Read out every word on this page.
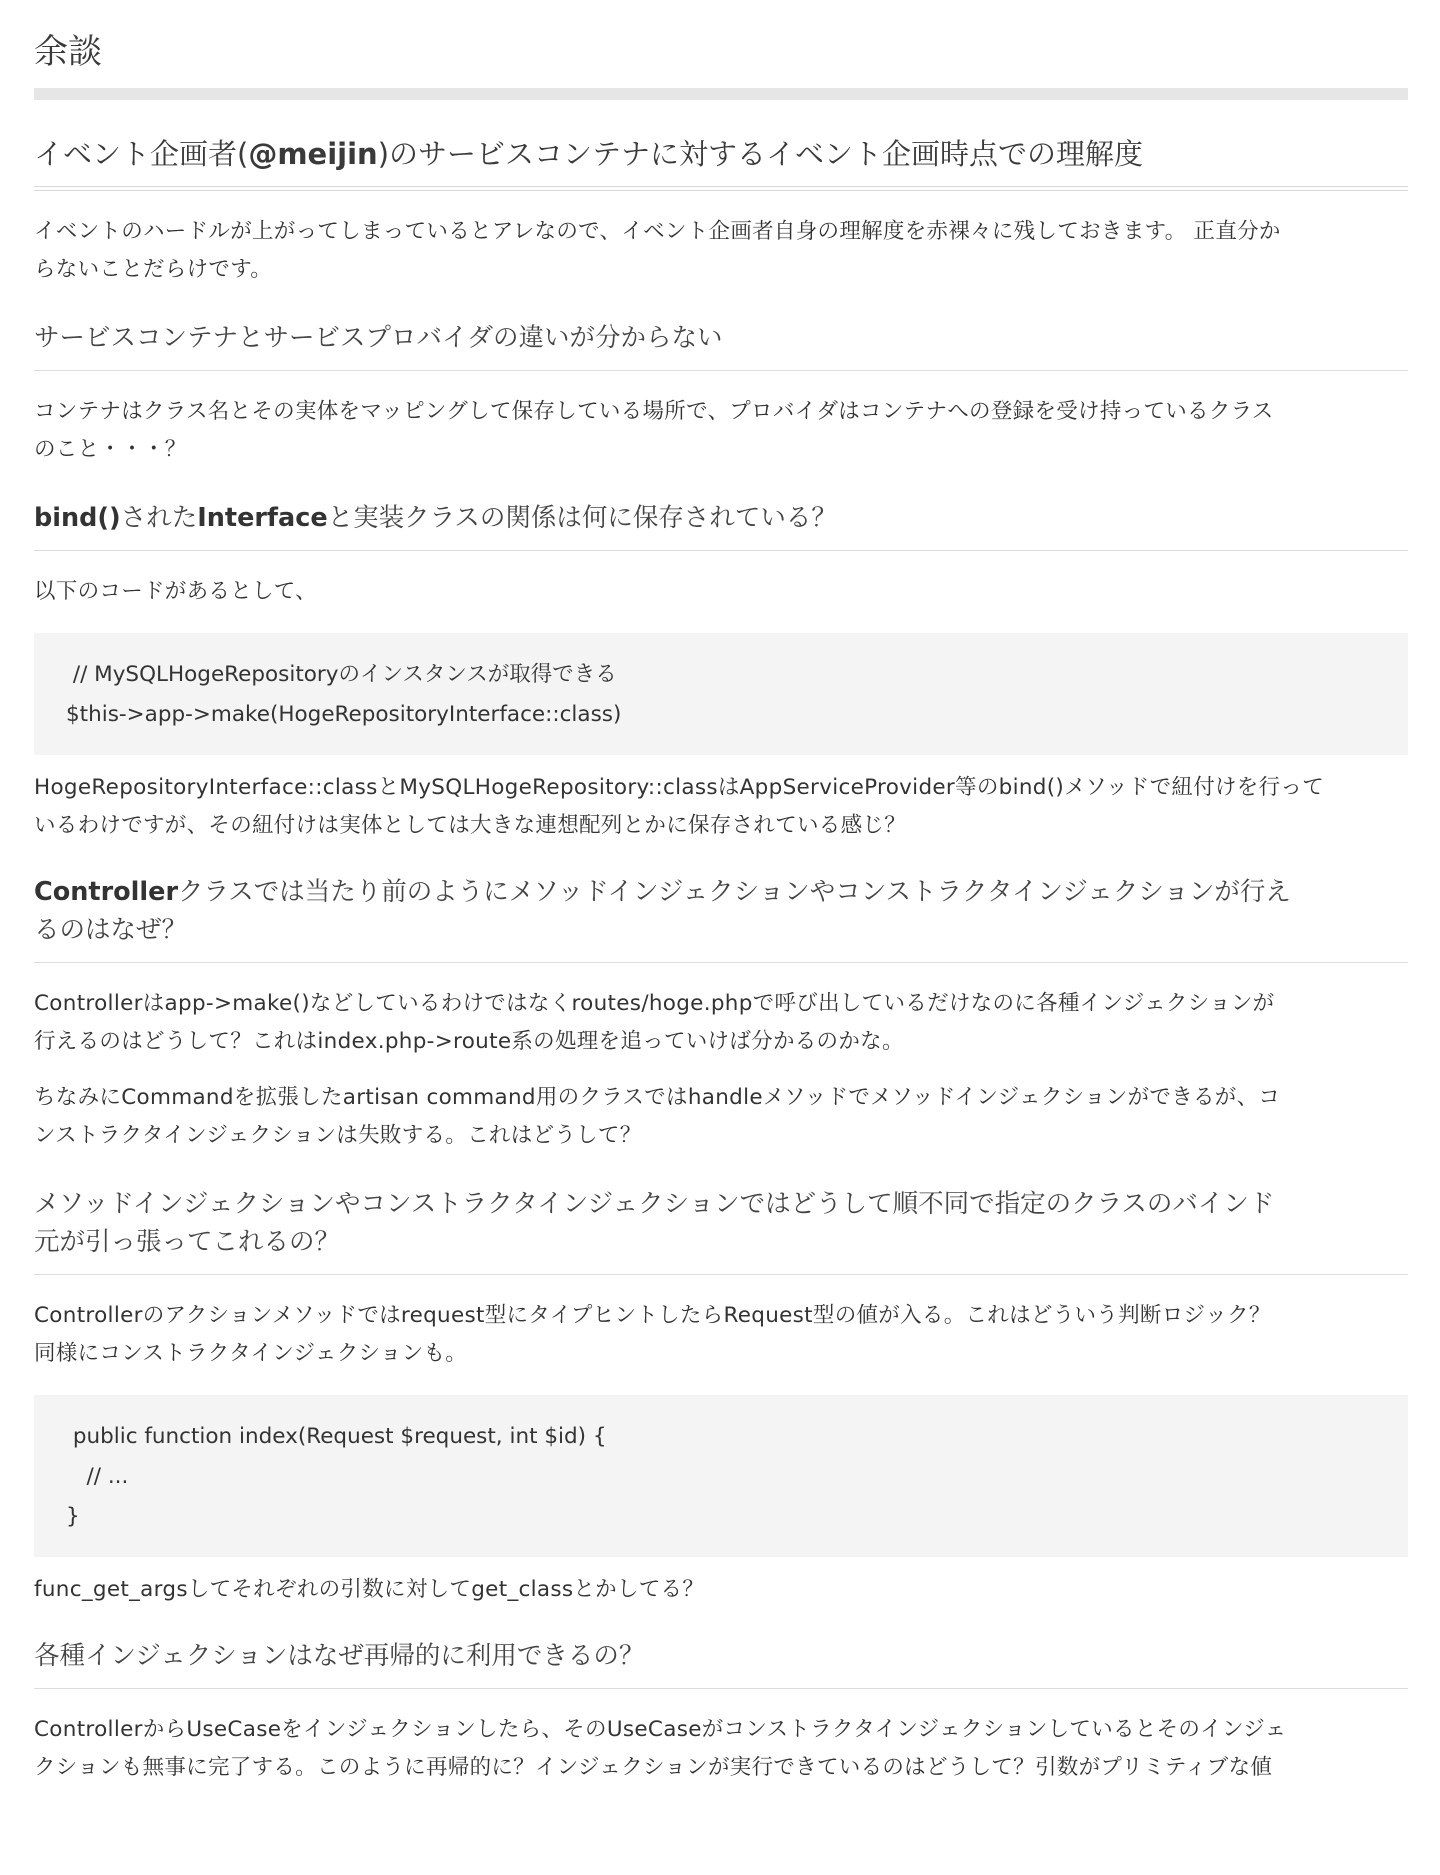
余談
イベント企画者(@meijin)のサービスコンテナに対するイベント企画時点での理解度

イベントのハードルが上がってしまっているとアレなので、イベント企画者自身の理解度を赤裸々に残しておきます。 正直分か
らないことだらけです。

サービスコンテナとサービスプロバイダの違いが分からない

コンテナはクラス名とその実体をマッピングして保存している場所で、プロバイダはコンテナへの登録を受け持っているクラス
のこと・・・？

bind()されたInterfaceと実装クラスの関係は何に保存されている？

以下のコードがあるとして、

// MySQLHogeRepositoryのインスタンスが取得できる
$this->app->make(HogeRepositoryInterface::class)

HogeRepositoryInterface::classとMySQLHogeRepository::classはAppServiceProvider等のbind()メソッドで紐付けを行って
いるわけですが、その紐付けは実体としては大きな連想配列とかに保存されている感じ？

Controllerクラスでは当たり前のようにメソッドインジェクションやコンストラクタインジェクションが行え
るのはなぜ？

Controllerはapp->make()などしているわけではなくroutes/hoge.phpで呼び出しているだけなのに各種インジェクションが
行えるのはどうして？これはindex.php->route系の処理を追っていけば分かるのかな。

ちなみにCommandを拡張したartisan command用のクラスではhandleメソッドでメソッドインジェクションができるが、コ
ンストラクタインジェクションは失敗する。これはどうして？

メソッドインジェクションやコンストラクタインジェクションではどうして順不同で指定のクラスのバインド
元が引っ張ってこれるの？

Controllerのアクションメソッドではrequest型にタイプヒントしたらRequest型の値が入る。これはどういう判断ロジック？
同様にコンストラクタインジェクションも。

public function index(Request $request, int $id) {
// ...
}

func_get_argsしてそれぞれの引数に対してget_classとかしてる？

各種インジェクションはなぜ再帰的に利用できるの？

ControllerからUseCaseをインジェクションしたら、そのUseCaseがコンストラクタインジェクションしているとそのインジェ
クションも無事に完了する。このように再帰的に？インジェクションが実行できているのはどうして？引数がプリミティブな値
